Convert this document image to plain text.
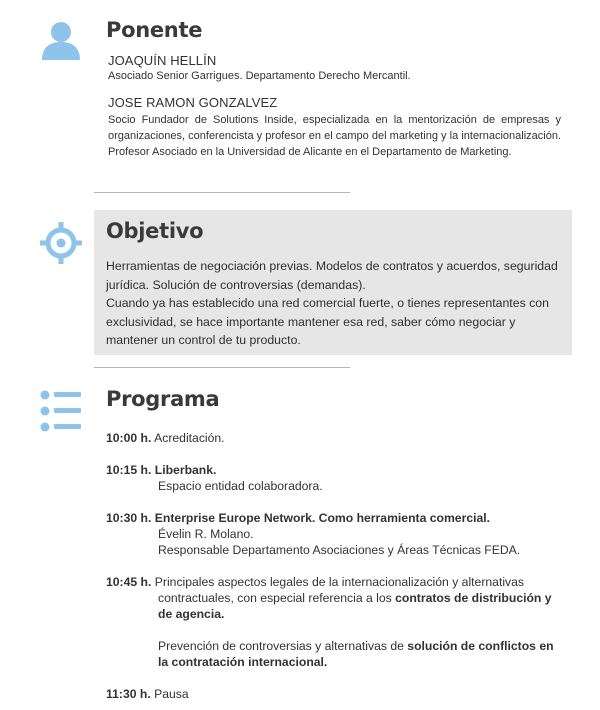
Ponente
JOAQUÍN HELLÍN
Asociado Senior Garrigues. Departamento Derecho Mercantil.
JOSE RAMON GONZALVEZ
Socio Fundador de Solutions Inside, especializada en la mentorización de empresas y organizaciones, conferencista y profesor en el campo del marketing y la internacionalización. Profesor Asociado en la Universidad de Alicante en el Departamento de Marketing.
Objetivo
Herramientas de negociación previas. Modelos de contratos y acuerdos, seguridad jurídica. Solución de controversias (demandas).
Cuando ya has establecido una red comercial fuerte, o tienes representantes con exclusividad, se hace importante mantener esa red, saber cómo negociar y mantener un control de tu producto.
Programa
10:00 h. Acreditación.
10:15 h. Liberbank.
Espacio entidad colaboradora.
10:30 h. Enterprise Europe Network. Como herramienta comercial.
Évelin R. Molano.
Responsable Departamento Asociaciones y Áreas Técnicas FEDA.
10:45 h. Principales aspectos legales de la internacionalización y alternativas
contractuales, con especial referencia a los contratos de distribución y
de agencia.
Prevención de controversias y alternativas de solución de conflictos en
la contratación internacional.
11:30 h. Pausa
